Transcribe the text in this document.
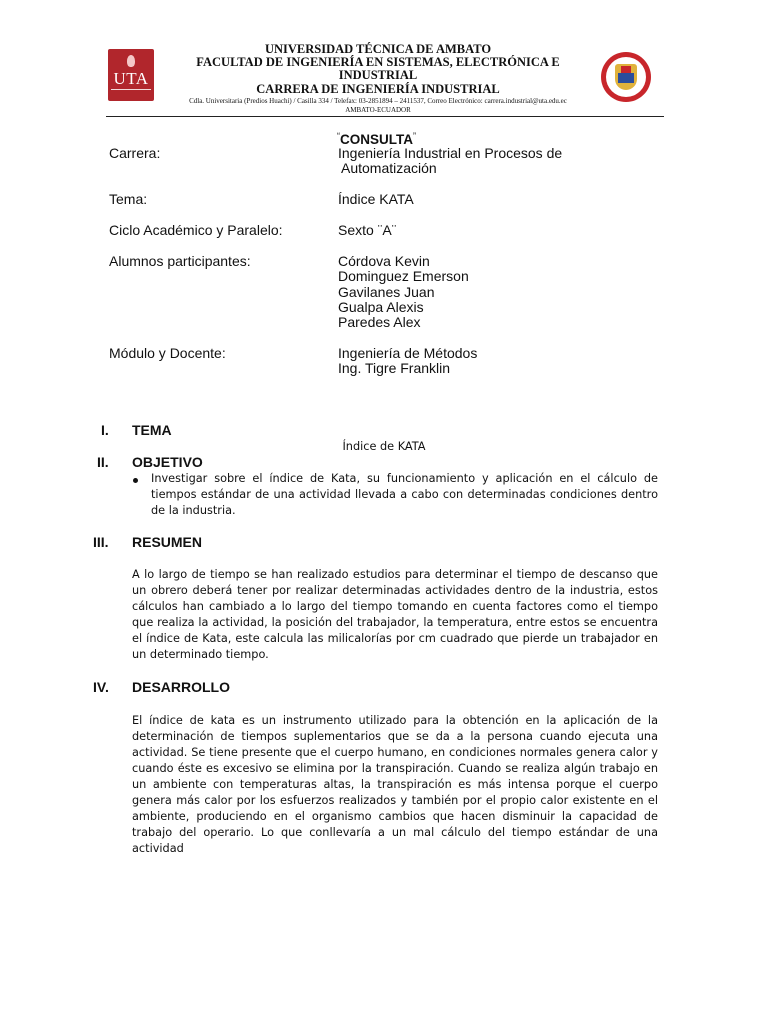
UTA
UNIVERSIDAD TÉCNICA DE AMBATO
FACULTAD DE INGENIERÍA EN SISTEMAS, ELECTRÓNICA E INDUSTRIAL
CARRERA DE INGENIERÍA INDUSTRIAL
Cdla. Universitaria (Predios Huachi) / Casilla 334 / Telefax: 03-2851894 – 2411537, Correo Electrónico: carrera.industrial@uta.edu.ec
AMBATO-ECUADOR
“CONSULTA”
Carrera:	Ingeniería Industrial en Procesos de
Automatización
Tema:	Índice KATA
Ciclo Académico y Paralelo:	Sexto ¨A¨
Alumnos participantes:	Córdova Kevin
Dominguez Emerson
Gavilanes Juan
Gualpa Alexis
Paredes Alex
Módulo y Docente:	Ingeniería de Métodos
Ing. Tigre Franklin
I. TEMA
Índice de KATA
II. OBJETIVO

Investigar sobre el índice de Kata, su funcionamiento y aplicación en el cálculo de tiempos estándar de una actividad llevada a cabo con determinadas condiciones dentro de la industria.

III. RESUMEN

A lo largo de tiempo se han realizado estudios para determinar el tiempo de descanso que un obrero deberá tener por realizar determinadas actividades dentro de la industria, estos cálculos han cambiado a lo largo del tiempo tomando en cuenta factores como el tiempo que realiza la actividad, la posición del trabajador, la temperatura, entre estos se encuentra el índice de Kata, este calcula las milicalorías por cm cuadrado que pierde un trabajador en un determinado tiempo.

IV. DESARROLLO

El índice de kata es un instrumento utilizado para la obtención en la aplicación de la determinación de tiempos suplementarios que se da a la persona cuando ejecuta una actividad. Se tiene presente que el cuerpo humano, en condiciones normales genera calor y cuando éste es excesivo se elimina por la transpiración. Cuando se realiza algún trabajo en un ambiente con temperaturas altas, la transpiración es más intensa porque el cuerpo genera más calor por los esfuerzos realizados y también por el propio calor existente en el ambiente, produciendo en el organismo cambios que hacen disminuir la capacidad de trabajo del operario. Lo que conllevaría a un mal cálculo del tiempo estándar de una actividad
